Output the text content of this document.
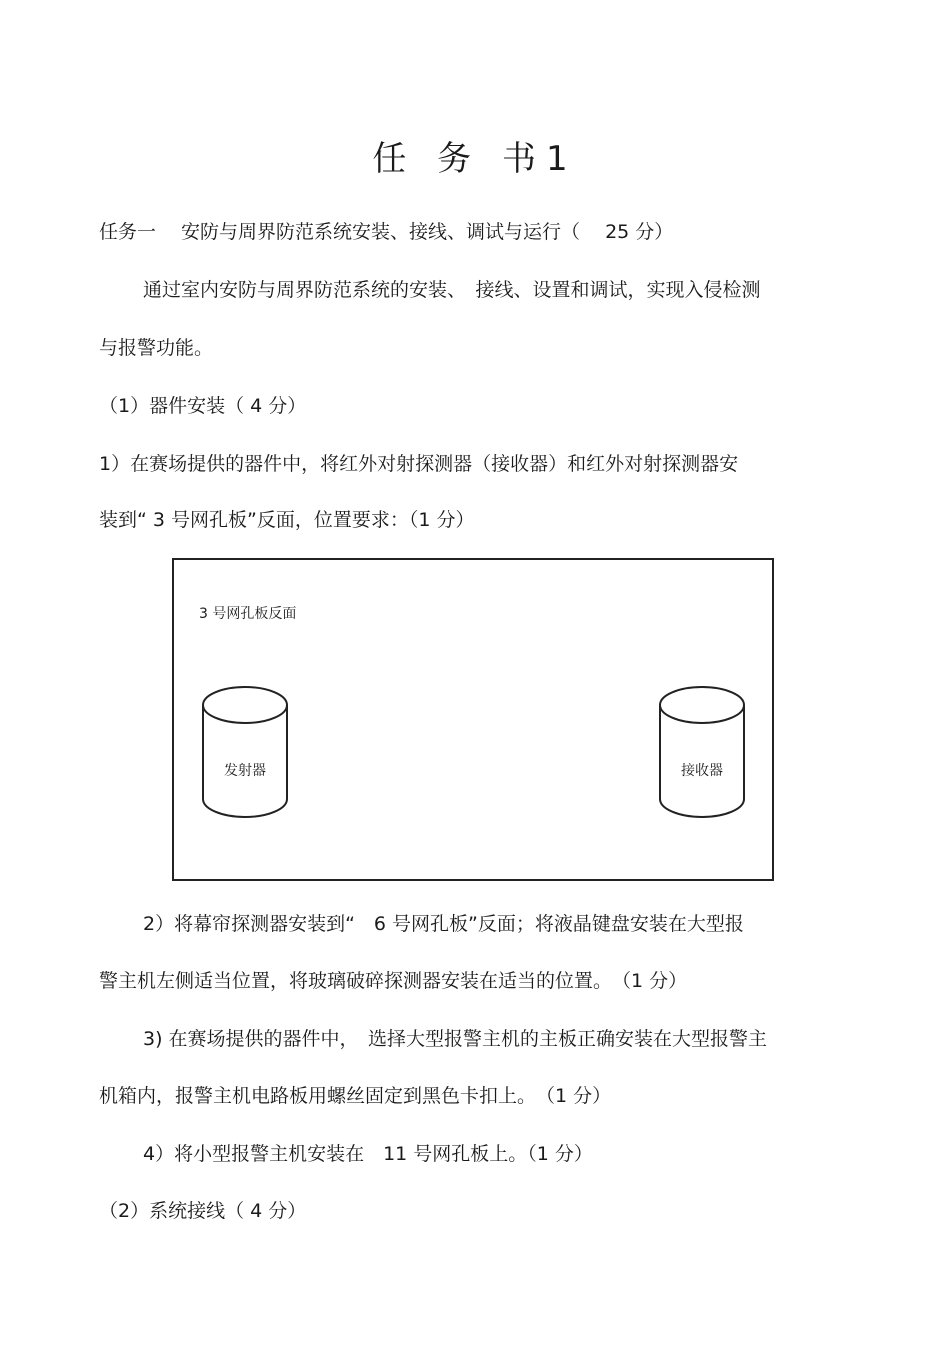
任 务 书1
任务一　 安防与周界防范系统安装、接线、调试与运行（　 25 分）
通过室内安防与周界防范系统的安装、　接线、设置和调试，实现入侵检测
与报警功能。
（1）器件安装（ 4 分）
1）在赛场提供的器件中，将红外对射探测器（接收器）和红外对射探测器安
装到“ 3 号网孔板”反面，位置要求：（1 分）
3 号网孔板反面
发射器	接收器
2）将幕帘探测器安装到“　6 号网孔板”反面；将液晶键盘安装在大型报
警主机左侧适当位置，将玻璃破碎探测器安装在适当的位置。　（1 分）
3) 在赛场提供的器件中，　选择大型报警主机的主板正确安装在大型报警主
机箱内，报警主机电路板用螺丝固定到黑色卡扣上。　（1 分）
4）将小型报警主机安装在　11 号网孔板上。（1 分）
（2）系统接线（ 4 分）
